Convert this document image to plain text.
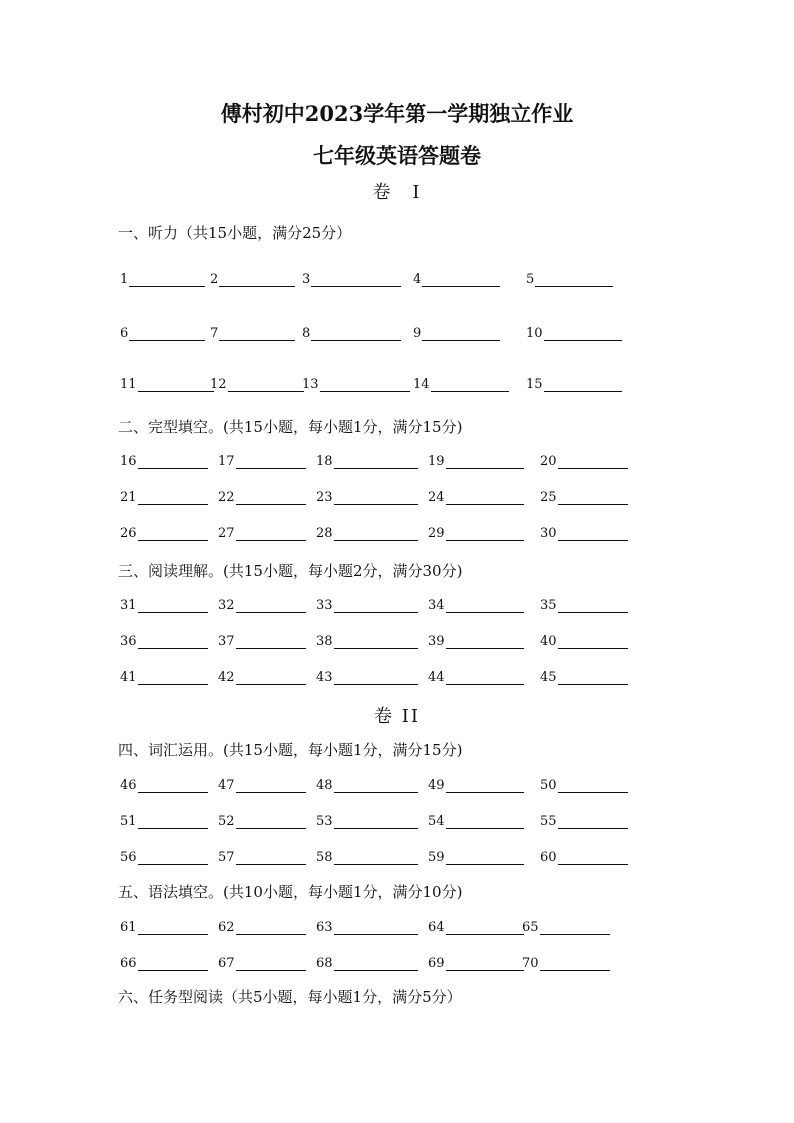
傅村初中2023学年第一学期独立作业
七年级英语答题卷
卷　Ⅰ
一、听力（共15小题，满分25分）
二、完型填空。(共15小题，每小题1分，满分15分)
三、阅读理解。(共15小题，每小题2分，满分30分)
卷 II
四、词汇运用。(共15小题，每小题1分，满分15分)
五、语法填空。(共10小题，每小题1分，满分10分)
六、任务型阅读（共5小题，每小题1分，满分5分）
1	2	3	4	5
6	7	8	9	10
11	12	13	14	15
16	17	18	19	20
21	22	23	24	25
26	27	28	29	30
31	32	33	34	35
36	37	38	39	40
41	42	43	44	45
46	47	48	49	50
51	52	53	54	55
56	57	58	59	60
61	62	63	64	65
66	67	68	69	70
